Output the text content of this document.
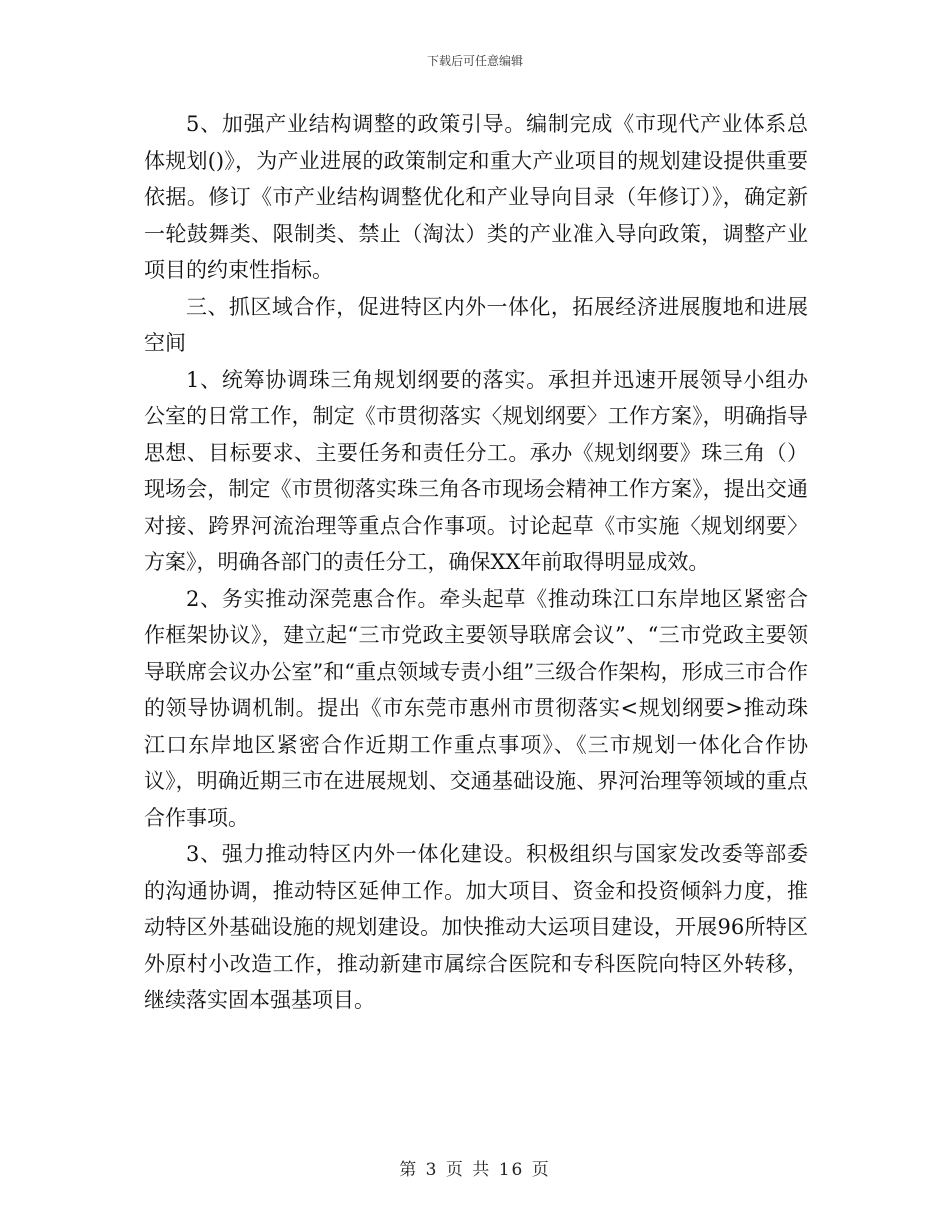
下载后可任意编辑

5、加强产业结构调整的政策引导。编制完成《市现代产业体系总体规划()》，为产业进展的政策制定和重大产业项目的规划建设提供重要依据。修订《市产业结构调整优化和产业导向目录（年修订）》，确定新一轮鼓舞类、限制类、禁止（淘汰）类的产业准入导向政策，调整产业项目的约束性指标。

三、抓区域合作，促进特区内外一体化，拓展经济进展腹地和进展空间

1、统筹协调珠三角规划纲要的落实。承担并迅速开展领导小组办公室的日常工作，制定《市贯彻落实〈规划纲要〉工作方案》，明确指导思想、目标要求、主要任务和责任分工。承办《规划纲要》珠三角（）现场会，制定《市贯彻落实珠三角各市现场会精神工作方案》，提出交通对接、跨界河流治理等重点合作事项。讨论起草《市实施〈规划纲要〉方案》，明确各部门的责任分工，确保XX年前取得明显成效。

2、务实推动深莞惠合作。牵头起草《推动珠江口东岸地区紧密合作框架协议》，建立起“三市党政主要领导联席会议”、“三市党政主要领导联席会议办公室”和“重点领域专责小组”三级合作架构，形成三市合作的领导协调机制。提出《市东莞市惠州市贯彻落实<规划纲要>推动珠江口东岸地区紧密合作近期工作重点事项》、《三市规划一体化合作协议》，明确近期三市在进展规划、交通基础设施、界河治理等领域的重点合作事项。

3、强力推动特区内外一体化建设。积极组织与国家发改委等部委的沟通协调，推动特区延伸工作。加大项目、资金和投资倾斜力度，推动特区外基础设施的规划建设。加快推动大运项目建设，开展96所特区外原村小改造工作，推动新建市属综合医院和专科医院向特区外转移，继续落实固本强基项目。

第 3 页 共 16 页
